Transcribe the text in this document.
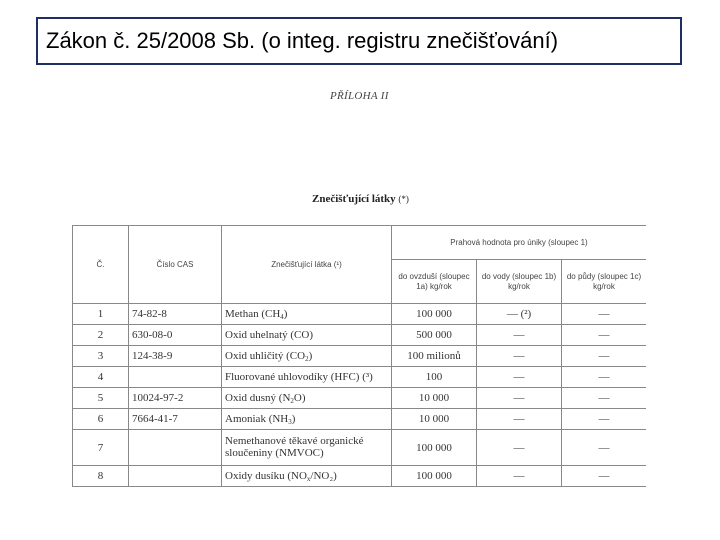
Zákon č. 25/2008 Sb. (o integ. registru znečišťování)
PŘÍLOHA II
Znečišťující látky (*)
Č.	Číslo CAS	Znečišťující látka (¹)	Prahová hodnota pro úniky (sloupec 1)		
			do ovzduší (sloupec 1a) kg/rok	do vody (sloupec 1b) kg/rok	do půdy (sloupec 1c) kg/rok
1	74-82-8	Methan $(CH_4)$	100 000	— (²)	—
2	630-08-0	Oxid uhelnatý (CO)	500 000	—	—
3	124-38-9	Oxid uhličitý $(CO_2)$	100 milionů	—	—
4		Fluorované uhlovodíky (HFC) (³)	100	—	—
5	10024-97-2	Oxid dusný $(N_2O)$	10 000	—	—
6	7664-41-7	Amoniak $(NH_3)$	10 000	—	—
7		Nemethanové těkavé organické sloučeniny (NMVOC)	100 000	—	—
8		Oxidy dusíku $(NO_x/NO_2)$	100 000	—	—
